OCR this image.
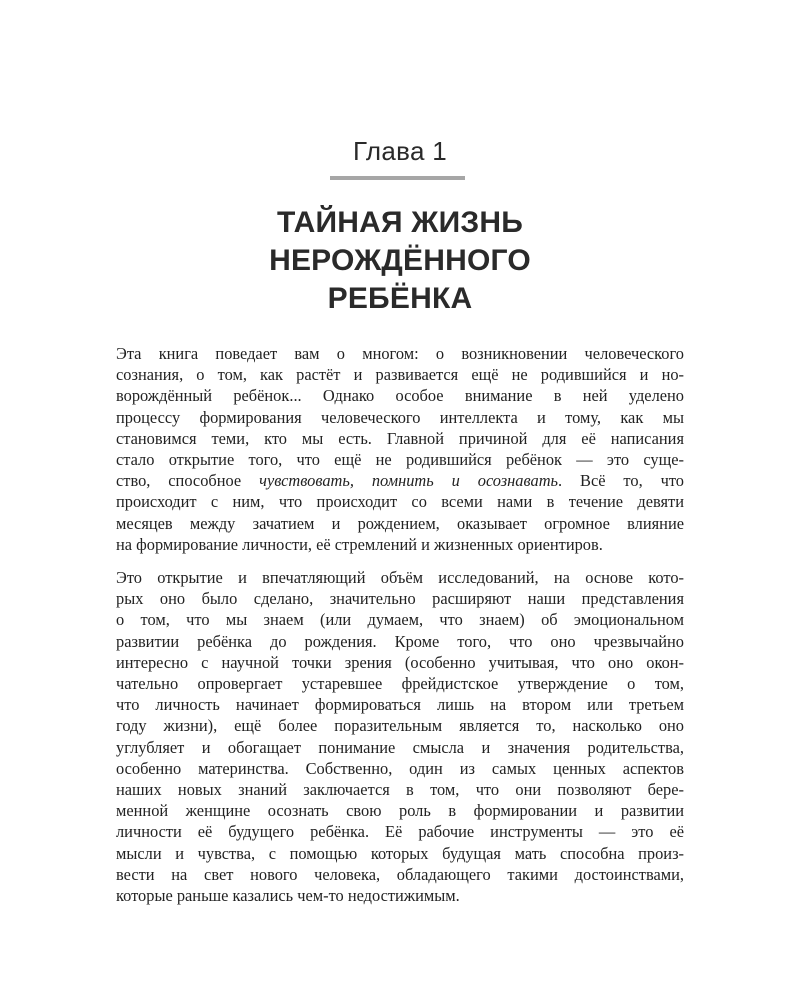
Глава 1
ТАЙНАЯ ЖИЗНЬ
НЕРОЖДЁННОГО
РЕБЁНКА
Эта книга поведает вам о многом: о возникновении человеческого
сознания, о том, как растёт и развивается ещё не родившийся и но-
ворождённый ребёнок... Однако особое внимание в ней уделено
процессу формирования человеческого интеллекта и тому, как мы
становимся теми, кто мы есть. Главной причиной для её написания
стало открытие того, что ещё не родившийся ребёнок — это суще-
ство, способное чувствовать, помнить и осознавать. Всё то, что
происходит с ним, что происходит со всеми нами в течение девяти
месяцев между зачатием и рождением, оказывает огромное влияние
на формирование личности, её стремлений и жизненных ориентиров.
Это открытие и впечатляющий объём исследований, на основе кото-
рых оно было сделано, значительно расширяют наши представления
о том, что мы знаем (или думаем, что знаем) об эмоциональном
развитии ребёнка до рождения. Кроме того, что оно чрезвычайно
интересно с научной точки зрения (особенно учитывая, что оно окон-
чательно опровергает устаревшее фрейдистское утверждение о том,
что личность начинает формироваться лишь на втором или третьем
году жизни), ещё более поразительным является то, насколько оно
углубляет и обогащает понимание смысла и значения родительства,
особенно материнства. Собственно, один из самых ценных аспектов
наших новых знаний заключается в том, что они позволяют бере-
менной женщине осознать свою роль в формировании и развитии
личности её будущего ребёнка. Её рабочие инструменты — это её
мысли и чувства, с помощью которых будущая мать способна произ-
вести на свет нового человека, обладающего такими достоинствами,
которые раньше казались чем-то недостижимым.
